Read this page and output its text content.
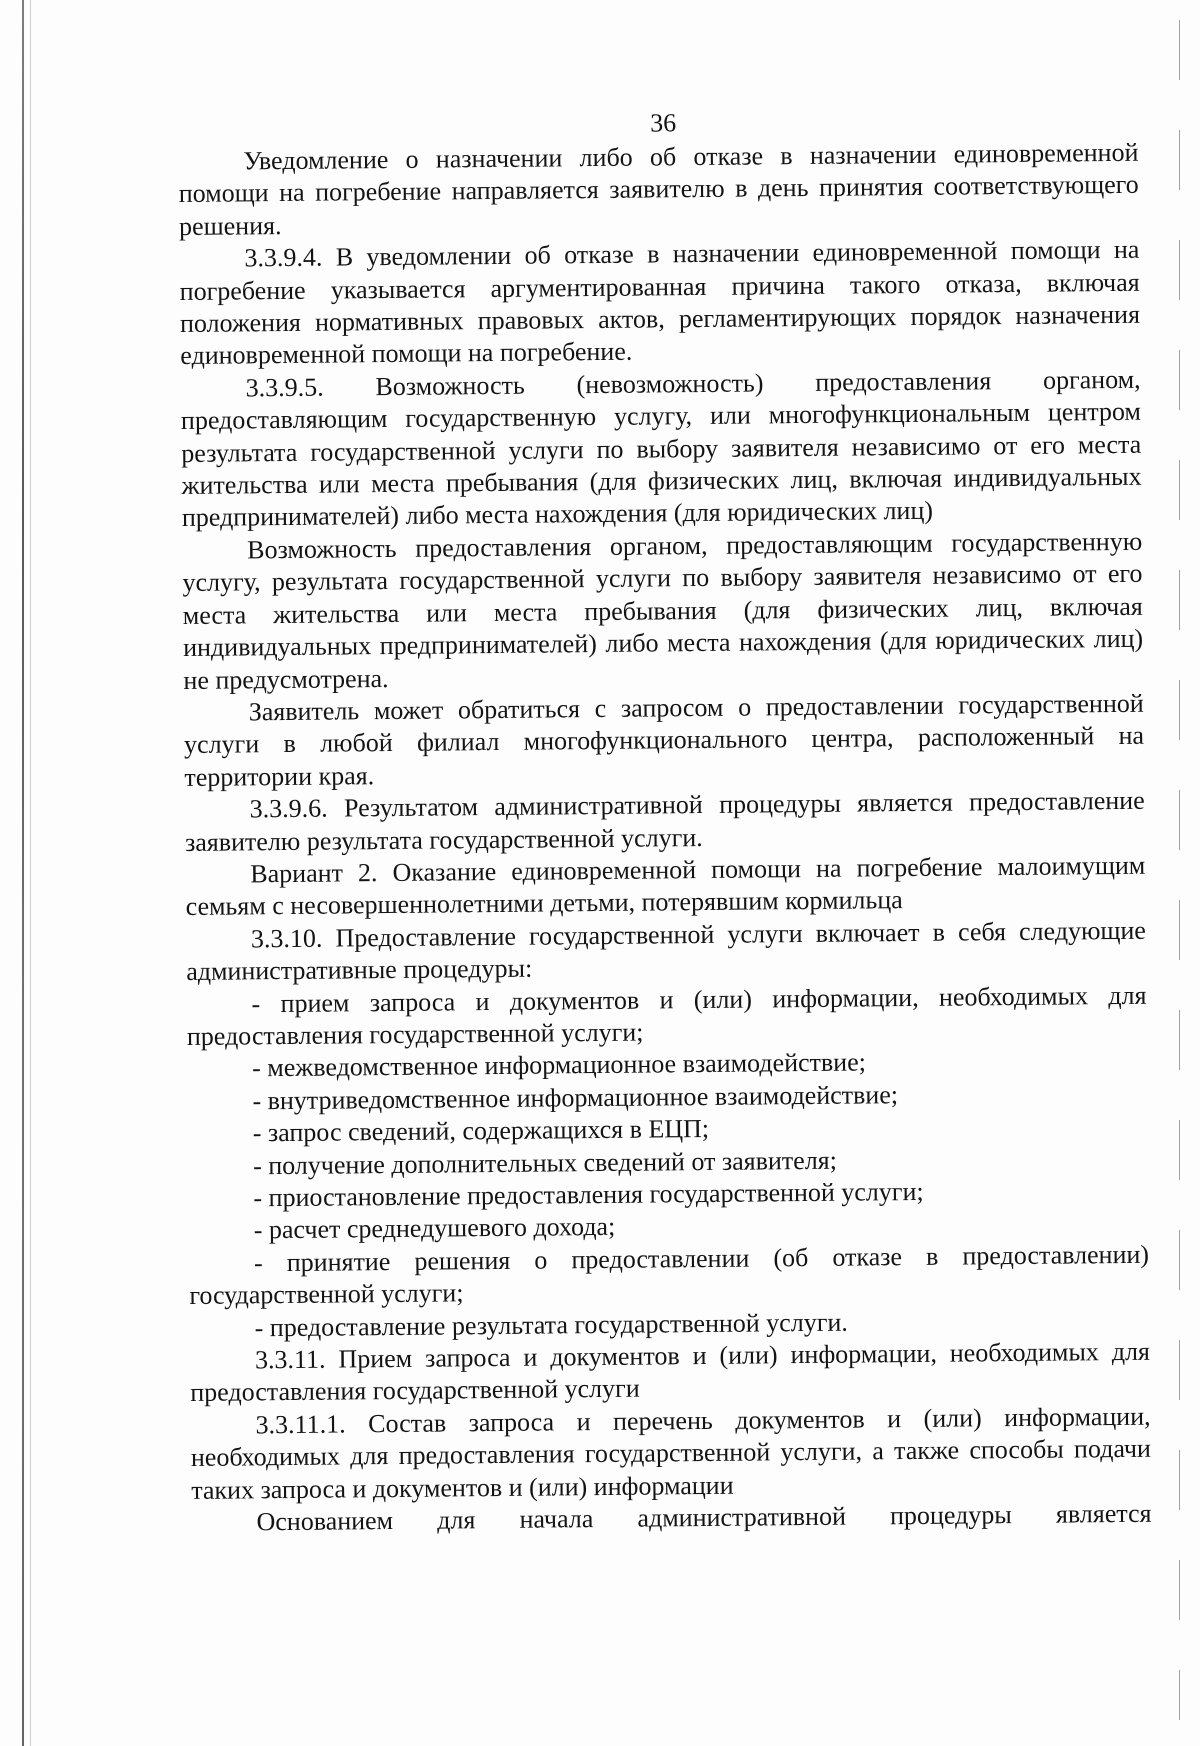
36

Уведомление о назначении либо об отказе в назначении единовременной помощи на погребение направляется заявителю в день принятия соответствующего решения.

3.3.9.4. В уведомлении об отказе в назначении единовременной помощи на погребение указывается аргументированная причина такого отказа, включая положения нормативных правовых актов, регламентирующих порядок назначения единовременной помощи на погребение.

3.3.9.5. Возможность (невозможность) предоставления органом, предоставляющим государственную услугу, или многофункциональным центром результата государственной услуги по выбору заявителя независимо от его места жительства или места пребывания (для физических лиц, включая индивидуальных предпринимателей) либо места нахождения (для юридических лиц)

Возможность предоставления органом, предоставляющим государственную услугу, результата государственной услуги по выбору заявителя независимо от его места жительства или места пребывания (для физических лиц, включая индивидуальных предпринимателей) либо места нахождения (для юридических лиц) не предусмотрена.

Заявитель может обратиться с запросом о предоставлении государственной услуги в любой филиал многофункционального центра, расположенный на территории края.

3.3.9.6. Результатом административной процедуры является предоставление заявителю результата государственной услуги.

Вариант 2. Оказание единовременной помощи на погребение малоимущим семьям с несовершеннолетними детьми, потерявшим кормильца

3.3.10. Предоставление государственной услуги включает в себя следующие административные процедуры:

- прием запроса и документов и (или) информации, необходимых для предоставления государственной услуги;

- межведомственное информационное взаимодействие;

- внутриведомственное информационное взаимодействие;

- запрос сведений, содержащихся в ЕЦП;

- получение дополнительных сведений от заявителя;

- приостановление предоставления государственной услуги;

- расчет среднедушевого дохода;

- принятие решения о предоставлении (об отказе в предоставлении) государственной услуги;

- предоставление результата государственной услуги.

3.3.11. Прием запроса и документов и (или) информации, необходимых для предоставления государственной услуги

3.3.11.1. Состав запроса и перечень документов и (или) информации, необходимых для предоставления государственной услуги, а также способы подачи таких запроса и документов и (или) информации

Основанием для начала административной процедуры является
